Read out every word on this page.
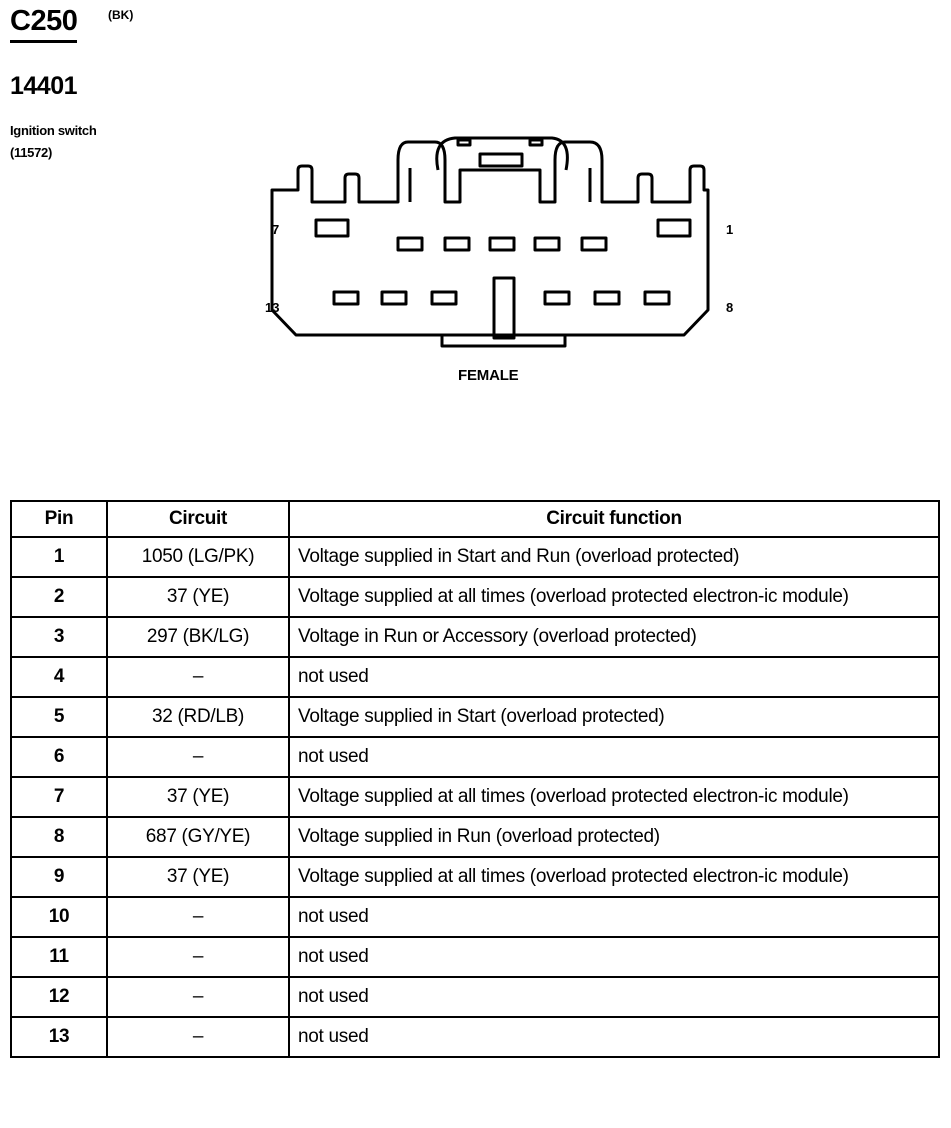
C250	(BK)
14401
Ignition switch
(11572)
7	1
13	8
FEMALE
Pin	Circuit	Circuit function
1	1050 (LG/PK)	Voltage supplied in Start and Run (overload protected)
2	37 (YE)	Voltage supplied at all times (overload protected electron-ic module)
3	297 (BK/LG)	Voltage in Run or Accessory (overload protected)
4	–	not used
5	32 (RD/LB)	Voltage supplied in Start (overload protected)
6	–	not used
7	37 (YE)	Voltage supplied at all times (overload protected electron-ic module)
8	687 (GY/YE)	Voltage supplied in Run (overload protected)
9	37 (YE)	Voltage supplied at all times (overload protected electron-ic module)
10	–	not used
11	–	not used
12	–	not used
13	–	not used
